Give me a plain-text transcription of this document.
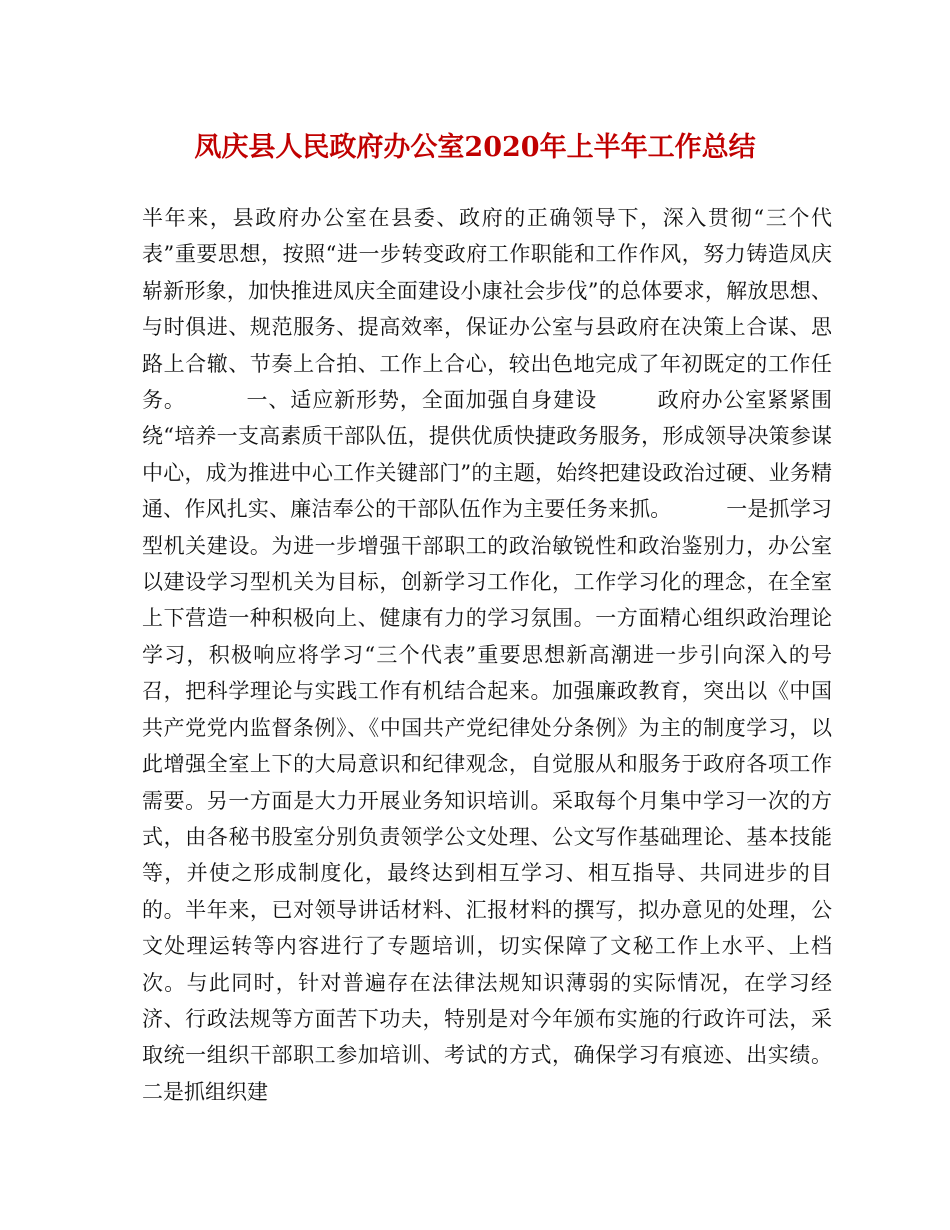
凤庆县人民政府办公室2020年上半年工作总结

半年来，县政府办公室在县委、政府的正确领导下，深入贯彻“三个代表”重要思想，按照“进一步转变政府工作职能和工作作风，努力铸造凤庆崭新形象，加快推进凤庆全面建设小康社会步伐”的总体要求，解放思想、与时俱进、规范服务、提高效率，保证办公室与县政府在决策上合谋、思路上合辙、节奏上合拍、工作上合心，较出色地完成了年初既定的工作任务。        一、适应新形势，全面加强自身建设        政府办公室紧紧围绕“培养一支高素质干部队伍，提供优质快捷政务服务，形成领导决策参谋中心，成为推进中心工作关键部门”的主题，始终把建设政治过硬、业务精通、作风扎实、廉洁奉公的干部队伍作为主要任务来抓。        一是抓学习型机关建设。为进一步增强干部职工的政治敏锐性和政治鉴别力，办公室以建设学习型机关为目标，创新学习工作化，工作学习化的理念，在全室上下营造一种积极向上、健康有力的学习氛围。一方面精心组织政治理论学习，积极响应将学习“三个代表”重要思想新高潮进一步引向深入的号召，把科学理论与实践工作有机结合起来。加强廉政教育，突出以《中国共产党党内监督条例》、《中国共产党纪律处分条例》为主的制度学习，以此增强全室上下的大局意识和纪律观念，自觉服从和服务于政府各项工作需要。另一方面是大力开展业务知识培训。采取每个月集中学习一次的方式，由各秘书股室分别负责领学公文处理、公文写作基础理论、基本技能等，并使之形成制度化，最终达到相互学习、相互指导、共同进步的目的。半年来，已对领导讲话材料、汇报材料的撰写，拟办意见的处理，公文处理运转等内容进行了专题培训，切实保障了文秘工作上水平、上档次。与此同时，针对普遍存在法律法规知识薄弱的实际情况，在学习经济、行政法规等方面苦下功夫，特别是对今年颁布实施的行政许可法，采取统一组织干部职工参加培训、考试的方式，确保学习有痕迹、出实绩。        二是抓组织建
